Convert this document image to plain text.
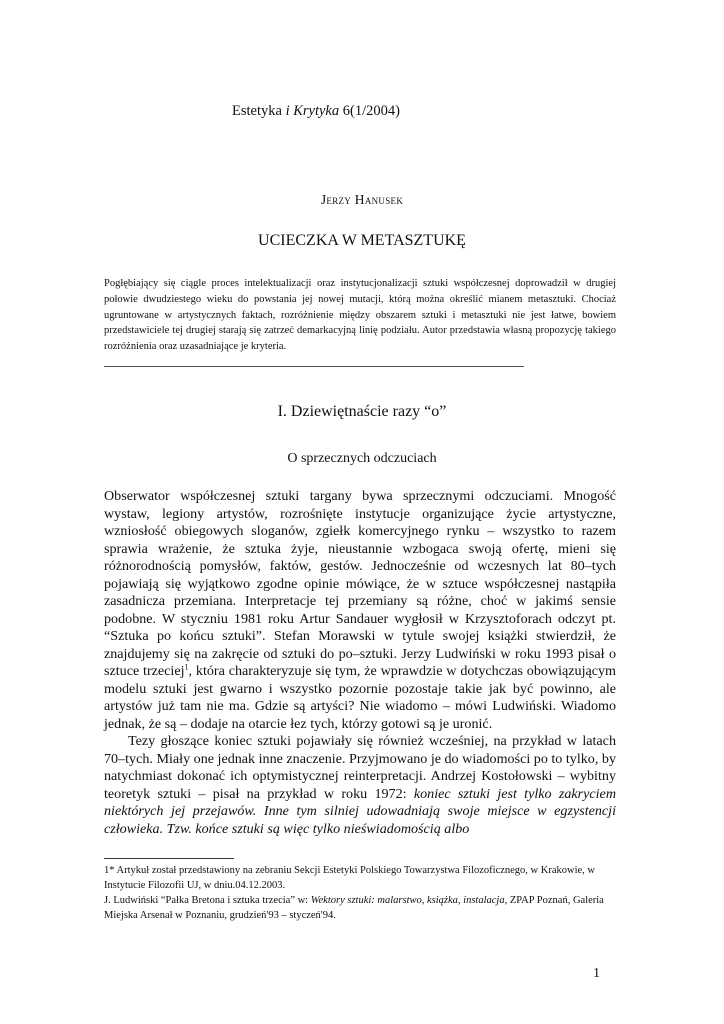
Estetyka i Krytyka 6(1/2004)
Jerzy Hanusek
UCIECZKA W METASZTUKĘ
Pogłębiający się ciągle proces intelektualizacji oraz instytucjonalizacji sztuki współczesnej doprowadził w drugiej połowie dwudziestego wieku do powstania jej nowej mutacji, którą można określić mianem metasztuki. Chociaż ugruntowane w artystycznych faktach, rozróżnienie między obszarem sztuki i metasztuki nie jest łatwe, bowiem przedstawiciele tej drugiej starają się zatrzeć demarkacyjną linię podziału. Autor przedstawia własną propozycję takiego rozróżnienia oraz uzasadniające je kryteria.
I. Dziewiętnaście razy “o”
O sprzecznych odczuciach

Obserwator współczesnej sztuki targany bywa sprzecznymi odczuciami. Mnogość wystaw, legiony artystów, rozrośnięte instytucje organizujące życie artystyczne, wzniosłość obiegowych sloganów, zgiełk komercyjnego rynku – wszystko to razem sprawia wrażenie, że sztuka żyje, nieustannie wzbogaca swoją ofertę, mieni się różnorodnością pomysłów, faktów, gestów. Jednocześnie od wczesnych lat 80–tych pojawiają się wyjątkowo zgodne opinie mówiące, że w sztuce współczesnej nastąpiła zasadnicza przemiana. Interpretacje tej przemiany są różne, choć w jakimś sensie podobne. W styczniu 1981 roku Artur Sandauer wygłosił w Krzysztoforach odczyt pt. “Sztuka po końcu sztuki”. Stefan Morawski w tytule swojej książki stwierdził, że znajdujemy się na zakręcie od sztuki do po–sztuki. Jerzy Ludwiński w roku 1993 pisał o sztuce trzeciej$^1$, która charakteryzuje się tym, że wprawdzie w dotychczas obowiązującym modelu sztuki jest gwarno i wszystko pozornie pozostaje takie jak być powinno, ale artystów już tam nie ma. Gdzie są artyści? Nie wiadomo – mówi Ludwiński. Wiadomo jednak, że są – dodaje na otarcie łez tych, którzy gotowi są je uronić.

Tezy głoszące koniec sztuki pojawiały się również wcześniej, na przykład w latach 70–tych. Miały one jednak inne znaczenie. Przyjmowano je do wiadomości po to tylko, by natychmiast dokonać ich optymistycznej reinterpretacji. Andrzej Kostołowski – wybitny teoretyk sztuki – pisał na przykład w roku 1972: koniec sztuki jest tylko zakryciem niektórych jej przejawów. Inne tym silniej udowadniają swoje miejsce w egzystencji człowieka. Tzw. końce sztuki są więc tylko nieświadomością albo

1* Artykuł został przedstawiony na zebraniu Sekcji Estetyki Polskiego Towarzystwa Filozoficznego, w Krakowie, w Instytucie Filozofii UJ, w dniu.04.12.2003.

J. Ludwiński “Pałka Bretona i sztuka trzecia” w: Wektory sztuki: malarstwo, książka, instalacja, ZPAP Poznań, Galeria Miejska Arsenał w Poznaniu, grudzień'93 – styczeń'94.

1
